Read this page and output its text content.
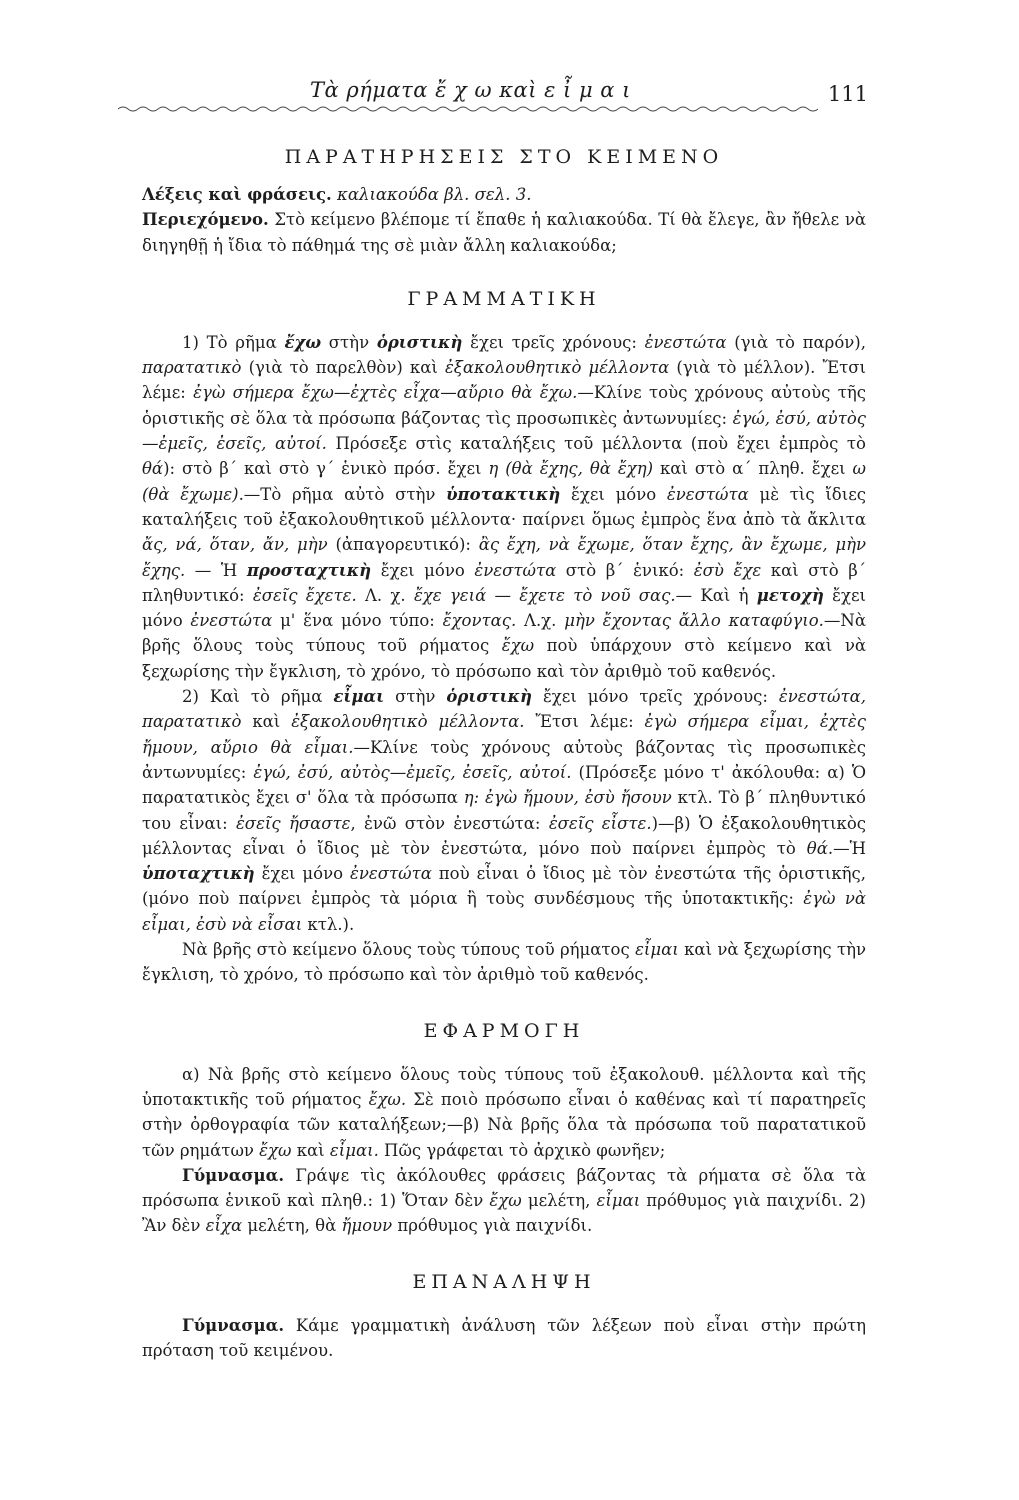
Τὰ ρήματα ἔ χ ω καὶ ε ἶ μ α ι	111

ΠΑΡΑΤΗΡΗΣΕΙΣ ΣΤΟ ΚΕΙΜΕΝΟ

Λέξεις καὶ φράσεις. καλιακούδα βλ. σελ. 3.

Περιεχόμενο. Στὸ κείμενο βλέπομε τί ἔπαθε ἡ καλιακούδα. Τί θὰ ἔλεγε, ἂν ἤθελε νὰ διηγηθῇ ἡ ἴδια τὸ πάθημά της σὲ μιὰν ἄλλη καλιακούδα;

ΓΡΑΜΜΑΤΙΚΗ

1) Τὸ ρῆμα ἔχω στὴν ὁριστικὴ ἔχει τρεῖς χρόνους: ἐνεστώτα (γιὰ τὸ παρόν), παρατατικὸ (γιὰ τὸ παρελθὸν) καὶ ἐξακολουθητικὸ μέλλοντα (γιὰ τὸ μέλλον). Ἔτσι λέμε: ἐγὼ σήμερα ἔχω—ἐχτὲς εἶχα—αὔριο θὰ ἔχω.—Κλίνε τοὺς χρόνους αὐτοὺς τῆς ὁριστικῆς σὲ ὅλα τὰ πρόσωπα βάζοντας τὶς προσωπικὲς ἀντωνυμίες: ἐγώ, ἐσύ, αὐτὸς—ἐμεῖς, ἐσεῖς, αὐτοί. Πρόσεξε στὶς καταλήξεις τοῦ μέλλοντα (ποὺ ἔχει ἐμπρὸς τὸ θά): στὸ β΄ καὶ στὸ γ΄ ἑνικὸ πρόσ. ἔχει η (θὰ ἔχης, θὰ ἔχη) καὶ στὸ α΄ πληθ. ἔχει ω (θὰ ἔχωμε).—Τὸ ρῆμα αὐτὸ στὴν ὑποτακτικὴ ἔχει μόνο ἐνεστώτα μὲ τὶς ἴδιες καταλήξεις τοῦ ἐξακολουθητικοῦ μέλλοντα· παίρνει ὅμως ἐμπρὸς ἕνα ἀπὸ τὰ ἄκλιτα ἄς, νά, ὅταν, ἄν, μὴν (ἀπαγορευτικό): ἂς ἔχη, νὰ ἔχωμε, ὅταν ἔχης, ἂν ἔχωμε, μὴν ἔχης. — Ἡ προσταχτικὴ ἔχει μόνο ἐνεστώτα στὸ β΄ ἑνικό: ἐσὺ ἔχε καὶ στὸ β΄ πληθυντικό: ἐσεῖς ἔχετε. Λ. χ. ἔχε γειά — ἔχετε τὸ νοῦ σας.— Καὶ ἡ μετοχὴ ἔχει μόνο ἐνεστώτα μ' ἕνα μόνο τύπο: ἔχοντας. Λ.χ. μὴν ἔχοντας ἄλλο καταφύγιο.—Νὰ βρῆς ὅλους τοὺς τύπους τοῦ ρήματος ἔχω ποὺ ὑπάρχουν στὸ κείμενο καὶ νὰ ξεχωρίσης τὴν ἔγκλιση, τὸ χρόνο, τὸ πρόσωπο καὶ τὸν ἀριθμὸ τοῦ καθενός.

2) Καὶ τὸ ρῆμα εἶμαι στὴν ὁριστικὴ ἔχει μόνο τρεῖς χρόνους: ἐνεστώτα, παρατατικὸ καὶ ἐξακολουθητικὸ μέλλοντα. Ἔτσι λέμε: ἐγὼ σήμερα εἶμαι, ἐχτὲς ἤμουν, αὔριο θὰ εἶμαι.—Κλίνε τοὺς χρόνους αὐτοὺς βάζοντας τὶς προσωπικὲς ἀντωνυμίες: ἐγώ, ἐσύ, αὐτὸς—ἐμεῖς, ἐσεῖς, αὐτοί. (Πρόσεξε μόνο τ' ἀκόλουθα: α) Ὁ παρατατικὸς ἔχει σ' ὅλα τὰ πρόσωπα η: ἐγὼ ἤμουν, ἐσὺ ἤσουν κτλ. Τὸ β΄ πληθυντικό του εἶναι: ἐσεῖς ἤσαστε, ἐνῶ στὸν ἐνεστώτα: ἐσεῖς εἶστε.)—β) Ὁ ἐξακολουθητικὸς μέλλοντας εἶναι ὁ ἴδιος μὲ τὸν ἐνεστώτα, μόνο ποὺ παίρνει ἐμπρὸς τὸ θά.—Ἡ ὑποταχτικὴ ἔχει μόνο ἐνεστώτα ποὺ εἶναι ὁ ἴδιος μὲ τὸν ἐνεστώτα τῆς ὁριστικῆς, (μόνο ποὺ παίρνει ἐμπρὸς τὰ μόρια ἢ τοὺς συνδέσμους τῆς ὑποτακτικῆς: ἐγὼ νὰ εἶμαι, ἐσὺ νὰ εἶσαι κτλ.).

Νὰ βρῆς στὸ κείμενο ὅλους τοὺς τύπους τοῦ ρήματος εἶμαι καὶ νὰ ξεχωρίσης τὴν ἔγκλιση, τὸ χρόνο, τὸ πρόσωπο καὶ τὸν ἀριθμὸ τοῦ καθενός.

ΕΦΑΡΜΟΓΗ

α) Νὰ βρῆς στὸ κείμενο ὅλους τοὺς τύπους τοῦ ἐξακολουθ. μέλλοντα καὶ τῆς ὑποτακτικῆς τοῦ ρήματος ἔχω. Σὲ ποιὸ πρόσωπο εἶναι ὁ καθένας καὶ τί παρατηρεῖς στὴν ὀρθογραφία τῶν καταλήξεων;—β) Νὰ βρῆς ὅλα τὰ πρόσωπα τοῦ παρατατικοῦ τῶν ρημάτων ἔχω καὶ εἶμαι. Πῶς γράφεται τὸ ἀρχικὸ φωνῆεν;

Γύμνασμα. Γράψε τὶς ἀκόλουθες φράσεις βάζοντας τὰ ρήματα σὲ ὅλα τὰ πρόσωπα ἑνικοῦ καὶ πληθ.: 1) Ὅταν δὲν ἔχω μελέτη, εἶμαι πρόθυμος γιὰ παιχνίδι. 2) Ἂν δὲν εἶχα μελέτη, θὰ ἤμουν πρόθυμος γιὰ παιχνίδι.

ΕΠΑΝΑΛΗΨΗ

Γύμνασμα. Κάμε γραμματικὴ ἀνάλυση τῶν λέξεων ποὺ εἶναι στὴν πρώτη πρόταση τοῦ κειμένου.
